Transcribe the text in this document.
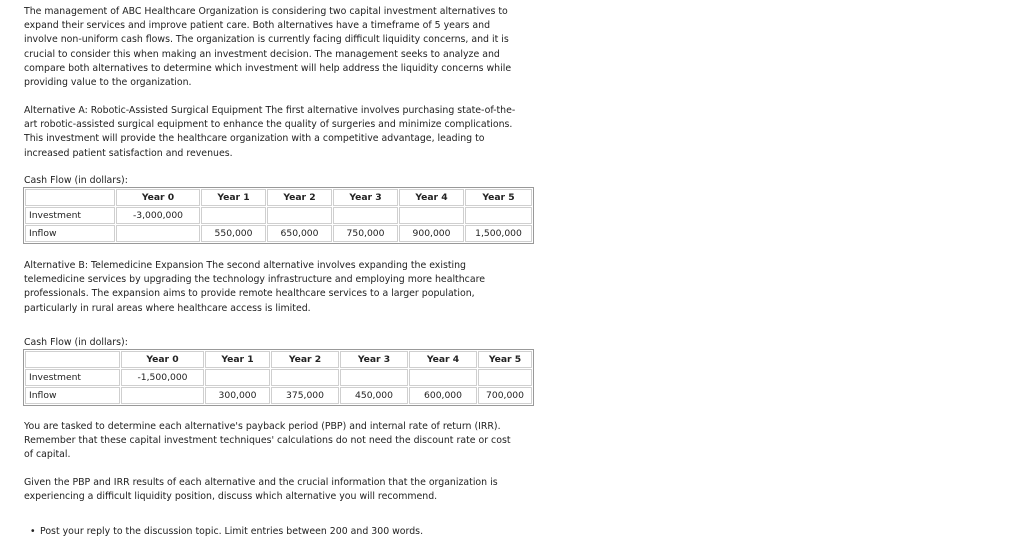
The management of ABC Healthcare Organization is considering two capital investment alternatives to expand their services and improve patient care. Both alternatives have a timeframe of 5 years and involve non-uniform cash flows. The organization is currently facing difficult liquidity concerns, and it is crucial to consider this when making an investment decision. The management seeks to analyze and compare both alternatives to determine which investment will help address the liquidity concerns while providing value to the organization.

Alternative A: Robotic-Assisted Surgical Equipment The first alternative involves purchasing state-of-the-art robotic-assisted surgical equipment to enhance the quality of surgeries and minimize complications. This investment will provide the healthcare organization with a competitive advantage, leading to increased patient satisfaction and revenues.

Cash Flow (in dollars):

	Year 0	Year 1	Year 2	Year 3	Year 4	Year 5
Investment	-3,000,000					
Inflow		550,000	650,000	750,000	900,000	1,500,000

Alternative B: Telemedicine Expansion The second alternative involves expanding the existing telemedicine services by upgrading the technology infrastructure and employing more healthcare professionals. The expansion aims to provide remote healthcare services to a larger population, particularly in rural areas where healthcare access is limited.

Cash Flow (in dollars):

	Year 0	Year 1	Year 2	Year 3	Year 4	Year 5
Investment	-1,500,000					
Inflow		300,000	375,000	450,000	600,000	700,000

You are tasked to determine each alternative's payback period (PBP) and internal rate of return (IRR). Remember that these capital investment techniques' calculations do not need the discount rate or cost of capital.

Given the PBP and IRR results of each alternative and the crucial information that the organization is experiencing a difficult liquidity position, discuss which alternative you will recommend.

• Post your reply to the discussion topic. Limit entries between 200 and 300 words.
